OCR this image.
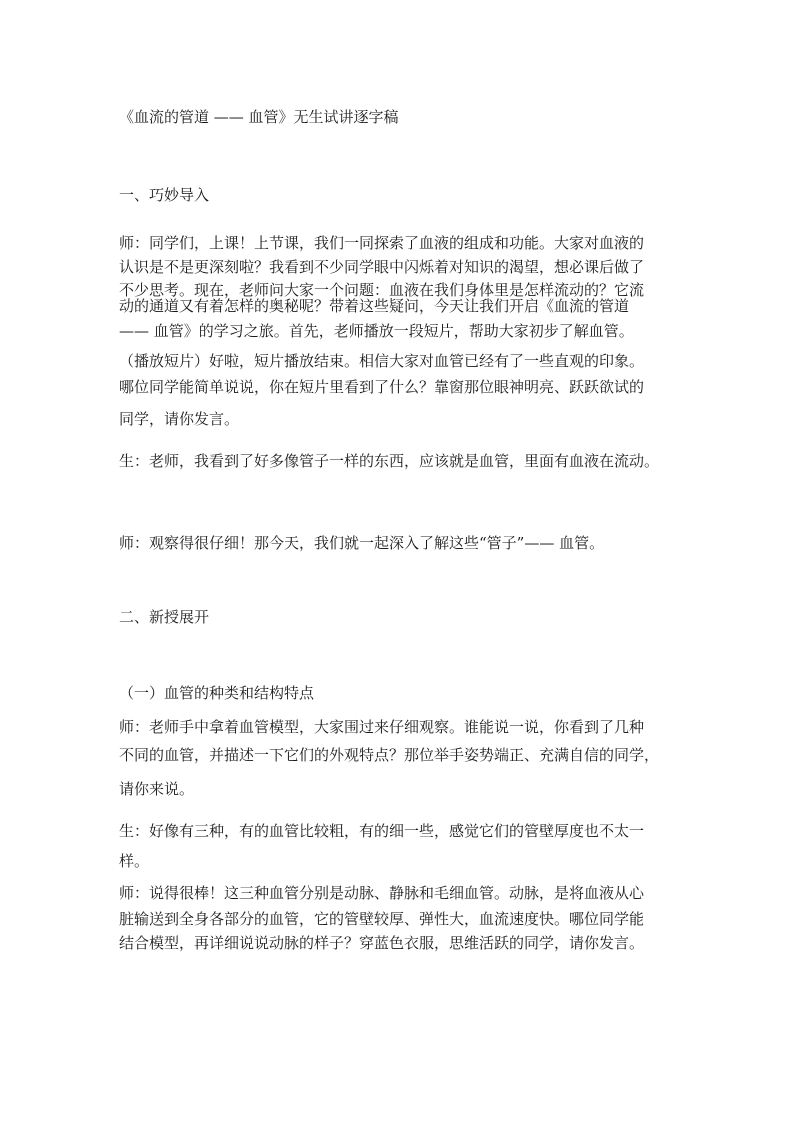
《血流的管道 —— 血管》无生试讲逐字稿
一、巧妙导入
师：同学们，上课！上节课，我们一同探索了血液的组成和功能。大家对血液的
认识是不是更深刻啦？我看到不少同学眼中闪烁着对知识的渴望，想必课后做了
不少思考。现在，老师问大家一个问题：血液在我们身体里是怎样流动的？它流
动的通道又有着怎样的奥秘呢？带着这些疑问，今天让我们开启《血流的管道
—— 血管》的学习之旅。首先，老师播放一段短片，帮助大家初步了解血管。
（播放短片）好啦，短片播放结束。相信大家对血管已经有了一些直观的印象。
哪位同学能简单说说，你在短片里看到了什么？靠窗那位眼神明亮、跃跃欲试的
同学，请你发言。
生：老师，我看到了好多像管子一样的东西，应该就是血管，里面有血液在流动。
师：观察得很仔细！那今天，我们就一起深入了解这些“管子”—— 血管。
二、新授展开
（一）血管的种类和结构特点
师：老师手中拿着血管模型，大家围过来仔细观察。谁能说一说，你看到了几种
不同的血管，并描述一下它们的外观特点？那位举手姿势端正、充满自信的同学，
请你来说。
生：好像有三种，有的血管比较粗，有的细一些，感觉它们的管壁厚度也不太一
样。
师：说得很棒！这三种血管分别是动脉、静脉和毛细血管。动脉，是将血液从心
脏输送到全身各部分的血管，它的管壁较厚、弹性大，血流速度快。哪位同学能
结合模型，再详细说说动脉的样子？穿蓝色衣服，思维活跃的同学，请你发言。
